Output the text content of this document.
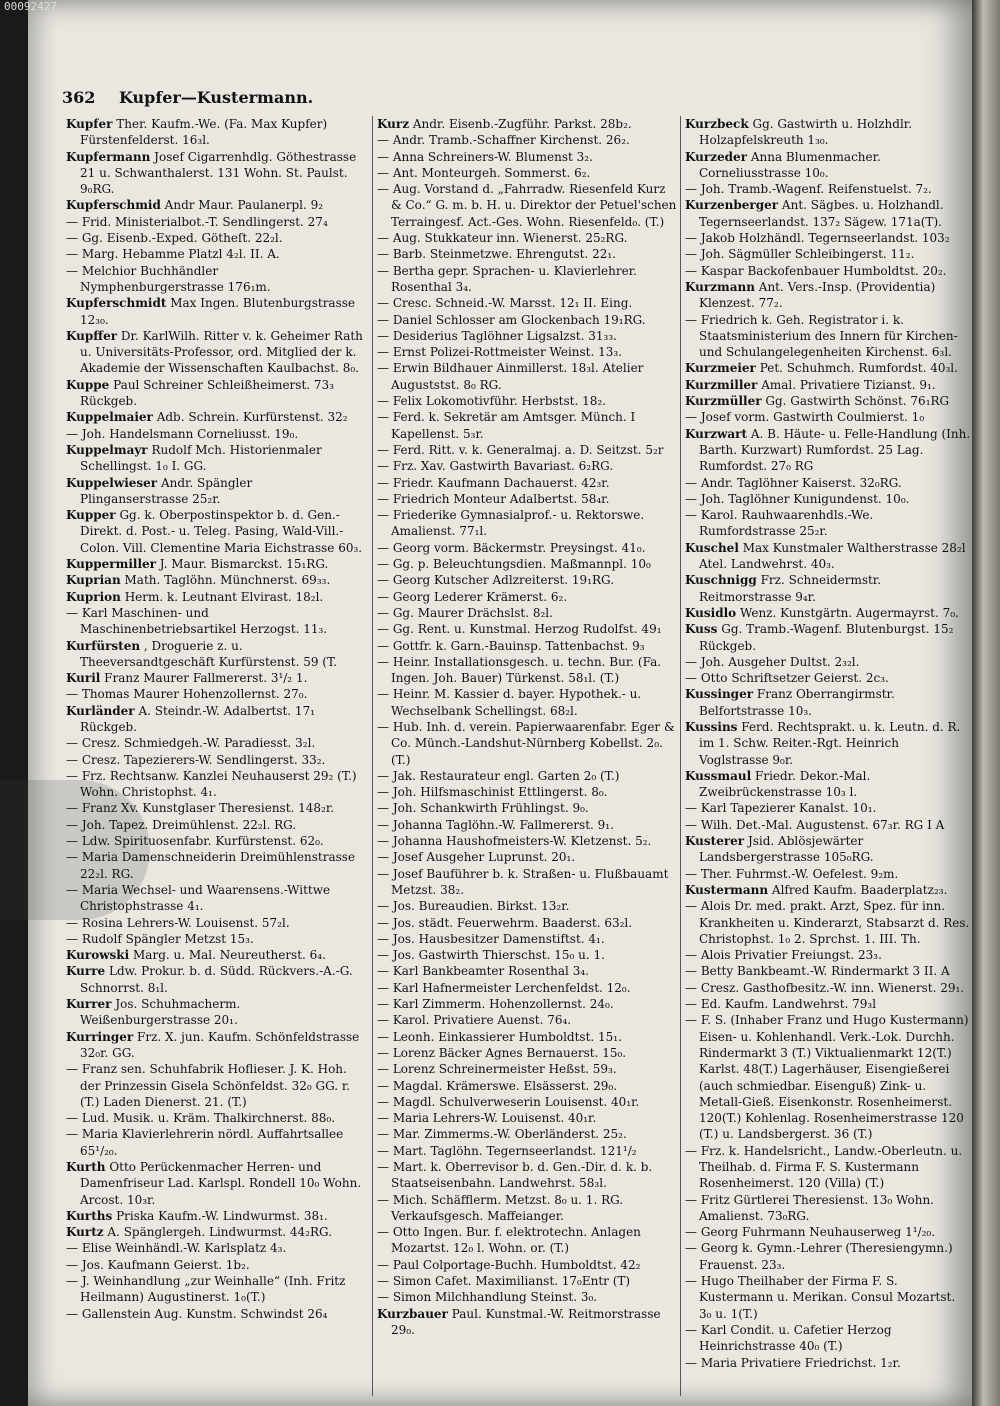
00092427
362 Kupfer—Kustermann.

Kupfer Ther. Kaufm.-We. (Fa. Max Kupfer) Fürstenfelderst. 16₃l.

Kupfermann Josef Cigarrenhdlg. Göthestrasse 21 u. Schwanthalerst. 131 Wohn. St. Paulst. 9₀RG.

Kupferschmid Andr Maur. Paulanerpl. 9₂

— Frid. Ministerialbot.-T. Sendlingerst. 27₄

— Gg. Eisenb.-Exped. Götheſt. 22₂l.

— Marg. Hebamme Platzl 4₂l. II. A.

— Melchior Buchhändler Nymphenburgerstrasse 176₁m.

Kupferschmidt Max Ingen. Blutenburgstrasse 12₃₀.

Kupffer Dr. KarlWilh. Ritter v. k. Geheimer Rath u. Universitäts-Professor, ord. Mitglied der k. Akademie der Wissenschaften Kaulbachst. 8₀.

Kuppe Paul Schreiner Schleißheimerst. 73₃ Rückgeb.

Kuppelmaier Adb. Schrein. Kurfürstenst. 32₂

— Joh. Handelsmann Corneliusst. 19₀.

Kuppelmayr Rudolf Mch. Historienmaler Schellingst. 1₀ I. GG.

Kuppelwieser Andr. Spängler Plinganserstrasse 25₂r.

Kupper Gg. k. Oberpostinspektor b. d. Gen.-Direkt. d. Post.- u. Teleg. Pasing, Wald-Vill.-Colon. Vill. Clementine Maria Eichstrasse 60₃.

Kuppermiller J. Maur. Bismarckst. 15₁RG.

Kuprian Math. Taglöhn. Münchnerst. 69₃₃.

Kuprion Herm. k. Leutnant Elvirast. 18₂l.

— Karl Maschinen- und Maschinenbetriebsartikel Herzogst. 11₃.

Kurfürsten , Droguerie z. u. Theeversandtgeschäft Kurfürstenst. 59 (T.

Kuril Franz Maurer Fallmererst. 3¹/₂ 1.

— Thomas Maurer Hohenzollernst. 27₀.

Kurländer A. Steindr.-W. Adalbertst. 17₁ Rückgeb.

— Cresz. Schmiedgeh.-W. Paradiesst. 3₂l.

— Cresz. Tapezierers-W. Sendlingerst. 33₂.

— Frz. Rechtsanw. Kanzlei Neuhauserst 29₂ (T.) Wohn. Christophst. 4₁.

— Franz Xv. Kunstglaser Theresienst. 148₂r.

— Joh. Tapez. Dreimühlenst. 22₂l. RG.

— Ldw. Spirituosenfabr. Kurfürstenst. 62₀.

— Maria Damenschneiderin Dreimühlenstrasse 22₂l. RG.

— Maria Wechsel- und Waarensens.-Wittwe Christophstrasse 4₁.

— Rosina Lehrers-W. Louisenst. 57₂l.

— Rudolf Spängler Metzst 15₃.

Kurowski Marg. u. Mal. Neureutherst. 6₄.

Kurre Ldw. Prokur. b. d. Südd. Rückvers.-A.-G. Schnorrst. 8₁l.

Kurrer Jos. Schuhmacherm. Weißenburgerstrasse 20₁.

Kurringer Frz. X. jun. Kaufm. Schönfeldstrasse 32₀r. GG.

— Franz sen. Schuhfabrik Hoflieser. J. K. Hoh. der Prinzessin Gisela Schönfeldst. 32₀ GG. r. (T.) Laden Dienerst. 21. (T.)

— Lud. Musik. u. Kräm. Thalkirchnerst. 88₀.

— Maria Klavierlehrerin nördl. Auffahrtsallee 65¹/₂₀.

Kurth Otto Perückenmacher Herren- und Damenfriseur Lad. Karlspl. Rondell 10₀ Wohn. Arcost. 10₃r.

Kurths Priska Kaufm.-W. Lindwurmst. 38₁.

Kurtz A. Spänglergeh. Lindwurmst. 44₂RG.

— Elise Weinhändl.-W. Karlsplatz 4₃.

— Jos. Kaufmann Geierst. 1b₂.

— J. Weinhandlung „zur Weinhalle“ (Inh. Fritz Heilmann) Augustinerst. 1₀(T.)

— Gallenstein Aug. Kunstm. Schwindst 26₄

Kurz Andr. Eisenb.-Zugführ. Parkst. 28b₂.

— Andr. Tramb.-Schaffner Kirchenst. 26₂.

— Anna Schreiners-W. Blumenst 3₂.

— Ant. Monteurgeh. Sommerst. 6₂.

— Aug. Vorstand d. „Fahrradw. Riesenfeld Kurz & Co.“ G. m. b. H. u. Direktor der Petuel'schen Terraingesf. Act.-Ges. Wohn. Riesenfeld₀. (T.)

— Aug. Stukkateur inn. Wienerst. 25₂RG.

— Barb. Steinmetzwe. Ehrengutst. 22₁.

— Bertha gepr. Sprachen- u. Klavierlehrer. Rosenthal 3₄.

— Cresc. Schneid.-W. Marsst. 12₁ II. Eing.

— Daniel Schlosser am Glockenbach 19₁RG.

— Desiderius Taglöhner Ligsalzst. 31₃₃.

— Ernst Polizei-Rottmeister Weinst. 13₃.

— Erwin Bildhauer Ainmillerst. 18₃l. Atelier Auguststst. 8₀ RG.

— Felix Lokomotivführ. Herbstst. 18₂.

— Ferd. k. Sekretär am Amtsger. Münch. I Kapellenst. 5₃r.

— Ferd. Ritt. v. k. Generalmaj. a. D. Seitzst. 5₂r

— Frz. Xav. Gastwirth Bavariast. 6₂RG.

— Friedr. Kaufmann Dachauerst. 42₃r.

— Friedrich Monteur Adalbertst. 58₄r.

— Friederike Gymnasialprof.- u. Rektorswe. Amalienst. 77₁l.

— Georg vorm. Bäckermstr. Preysingst. 41₀.

— Gg. p. Beleuchtungsdien. Maßmannpl. 10₀

— Georg Kutscher Adlzreiterst. 19₁RG.

— Georg Lederer Krämerst. 6₂.

— Gg. Maurer Drächslst. 8₂l.

— Gg. Rent. u. Kunstmal. Herzog Rudolfst. 49₁

— Gottfr. k. Garn.-Bauinsp. Tattenbachst. 9₃

— Heinr. Installationsgesch. u. techn. Bur. (Fa. Ingen. Joh. Bauer) Türkenst. 58₁l. (T.)

— Heinr. M. Kassier d. bayer. Hypothek.- u. Wechselbank Schellingst. 68₂l.

— Hub. Inh. d. verein. Papierwaarenfabr. Eger & Co. Münch.-Landshut-Nürnberg Kobellst. 2₀. (T.)

— Jak. Restaurateur engl. Garten 2₀ (T.)

— Joh. Hilfsmaschinist Ettlingerst. 8₀.

— Joh. Schankwirth Frühlingst. 9₀.

— Johanna Taglöhn.-W. Fallmererst. 9₁.

— Johanna Haushofmeisters-W. Kletzenst. 5₂.

— Josef Ausgeher Luprunst. 20₁.

— Josef Bauführer b. k. Straßen- u. Flußbauamt Metzst. 38₂.

— Jos. Bureaudien. Birkst. 13₂r.

— Jos. städt. Feuerwehrm. Baaderst. 63₂l.

— Jos. Hausbesitzer Damenstiftst. 4₁.

— Jos. Gastwirth Thierschst. 15₀ u. 1.

— Karl Bankbeamter Rosenthal 3₄.

— Karl Hafnermeister Lerchenfeldst. 12₀.

— Karl Zimmerm. Hohenzollernst. 24₀.

— Karol. Privatiere Auenst. 76₄.

— Leonh. Einkassierer Humboldtst. 15₁.

— Lorenz Bäcker Agnes Bernauerst. 15₀.

— Lorenz Schreinermeister Heßst. 59₃.

— Magdal. Krämerswe. Elsässerst. 29₀.

— Magdl. Schulverweserin Louisenst. 40₁r.

— Maria Lehrers-W. Louisenst. 40₁r.

— Mar. Zimmerms.-W. Oberländerst. 25₂.

— Mart. Taglöhn. Tegernseerlandst. 121¹/₂

— Mart. k. Oberrevisor b. d. Gen.-Dir. d. k. b. Staatseisenbahn. Landwehrst. 58₃l.

— Mich. Schäfflerm. Metzst. 8₀ u. 1. RG. Verkaufsgesch. Maffeianger.

— Otto Ingen. Bur. f. elektrotechn. Anlagen Mozartst. 12₀ l. Wohn. or. (T.)

— Paul Colportage-Buchh. Humboldtst. 42₂

— Simon Cafet. Maximilianst. 17₀Entr (T)

— Simon Milchhandlung Steinst. 3₀.

Kurzbauer Paul. Kunstmal.-W. Reitmorstrasse 29₀.

Kurzbeck Gg. Gastwirth u. Holzhdlr. Holzapfelskreuth 1₃₀.

Kurzeder Anna Blumenmacher. Corneliusstrasse 10₀.

— Joh. Tramb.-Wagenf. Reifenstuelst. 7₂.

Kurzenberger Ant. Sägbes. u. Holzhandl. Tegernseerlandst. 137₂ Sägew. 171a(T).

— Jakob Holzhändl. Tegernseerlandst. 103₂

— Joh. Sägmüller Schleibingerst. 11₂.

— Kaspar Backofenbauer Humboldtst. 20₂.

Kurzmann Ant. Vers.-Insp. (Providentia) Klenzest. 77₂.

— Friedrich k. Geh. Registrator i. k. Staatsministerium des Innern für Kirchen- und Schulangelegenheiten Kirchenst. 6₃l.

Kurzmeier Pet. Schuhmch. Rumfordst. 40₃l.

Kurzmiller Amal. Privatiere Tizianst. 9₁.

Kurzmüller Gg. Gastwirth Schönst. 76₁RG

— Josef vorm. Gastwirth Coulmierst. 1₀

Kurzwart A. B. Häute- u. Felle-Handlung (Inh. Barth. Kurzwart) Rumfordst. 25 Lag. Rumfordst. 27₀ RG

— Andr. Taglöhner Kaiserst. 32₀RG.

— Joh. Taglöhner Kunigundenst. 10₀.

— Karol. Rauhwaarenhdls.-We. Rumfordstrasse 25₂r.

Kuschel Max Kunstmaler Waltherstrasse 28₂l Atel. Landwehrst. 40₃.

Kuschnigg Frz. Schneidermstr. Reitmorstrasse 9₄r.

Kusidlo Wenz. Kunstgärtn. Augermayrst. 7₀.

Kuss Gg. Tramb.-Wagenf. Blutenburgst. 15₂ Rückgeb.

— Joh. Ausgeher Dultst. 2₃₂l.

— Otto Schriftsetzer Geierst. 2c₃.

Kussinger Franz Oberrangirmstr. Belfortstrasse 10₃.

Kussins Ferd. Rechtsprakt. u. k. Leutn. d. R. im 1. Schw. Reiter.-Rgt. Heinrich Voglstrasse 9₀r.

Kussmaul Friedr. Dekor.-Mal. Zweibrückenstrasse 10₃ l.

— Karl Tapezierer Kanalst. 10₁.

— Wilh. Det.-Mal. Augustenst. 67₃r. RG I A

Kusterer Jsid. Ablösjewärter Landsbergerstrasse 105₀RG.

— Ther. Fuhrmst.-W. Oefelest. 9₂m.

Kustermann Alfred Kaufm. Baaderplatz₂₃.

— Alois Dr. med. prakt. Arzt, Spez. für inn. Krankheiten u. Kinderarzt, Stabsarzt d. Res. Christophst. 1₀ 2. Sprchst. 1. III. Th.

— Alois Privatier Freiungst. 23₃.

— Betty Bankbeamt.-W. Rindermarkt 3 II. A

— Cresz. Gasthofbesitz.-W. inn. Wienerst. 29₁.

— Ed. Kaufm. Landwehrst. 79₃l

— F. S. (Inhaber Franz und Hugo Kustermann) Eisen- u. Kohlenhandl. Verk.-Lok. Durchh. Rindermarkt 3 (T.) Viktualienmarkt 12(T.) Karlst. 48(T.) Lagerhäuser, Eisengießerei (auch schmiedbar. Eisenguß) Zink- u. Metall-Gieß. Eisenkonstr. Rosenheimerst. 120(T.) Kohlenlag. Rosenheimerstrasse 120 (T.) u. Landsbergerst. 36 (T.)

— Frz. k. Handelsricht., Landw.-Oberleutn. u. Theilhab. d. Firma F. S. Kustermann Rosenheimerst. 120 (Villa) (T.)

— Fritz Gürtlerei Theresienst. 13₀ Wohn. Amalienst. 73₀RG.

— Georg Fuhrmann Neuhauserweg 1¹/₂₀.

— Georg k. Gymn.-Lehrer (Theresiengymn.) Frauenst. 23₃.

— Hugo Theilhaber der Firma F. S. Kustermann u. Merikan. Consul Mozartst. 3₀ u. 1(T.)

— Karl Condit. u. Cafetier Herzog Heinrichstrasse 40₀ (T.)

— Maria Privatiere Friedrichst. 1₂r.
